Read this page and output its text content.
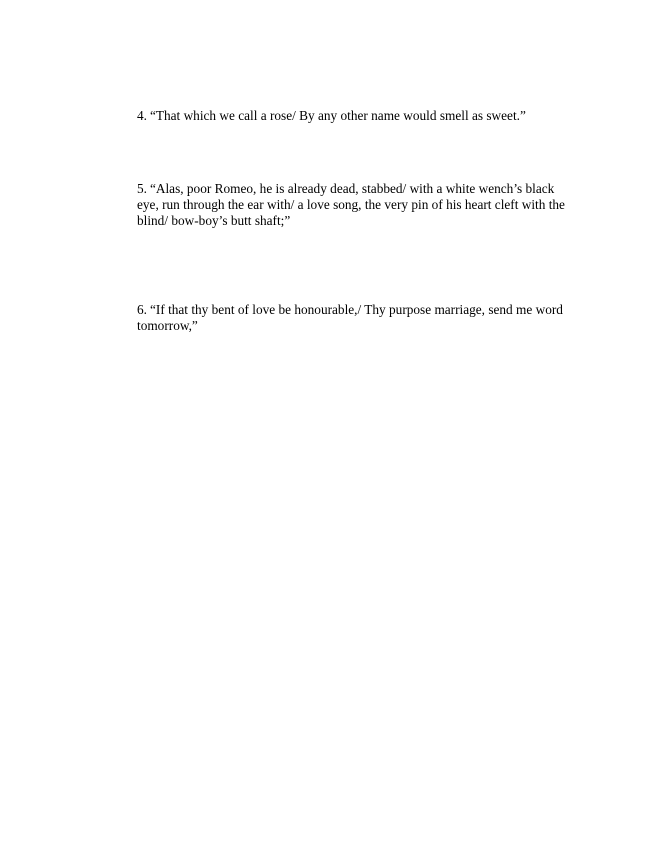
4. “That which we call a rose/ By any other name would smell as sweet.”

5. “Alas, poor Romeo, he is already dead, stabbed/ with a white wench’s black eye, run through the ear with/ a love song, the very pin of his heart cleft with the blind/ bow-boy’s butt shaft;”

6. “If that thy bent of love be honourable,/ Thy purpose marriage, send me word tomorrow,”
